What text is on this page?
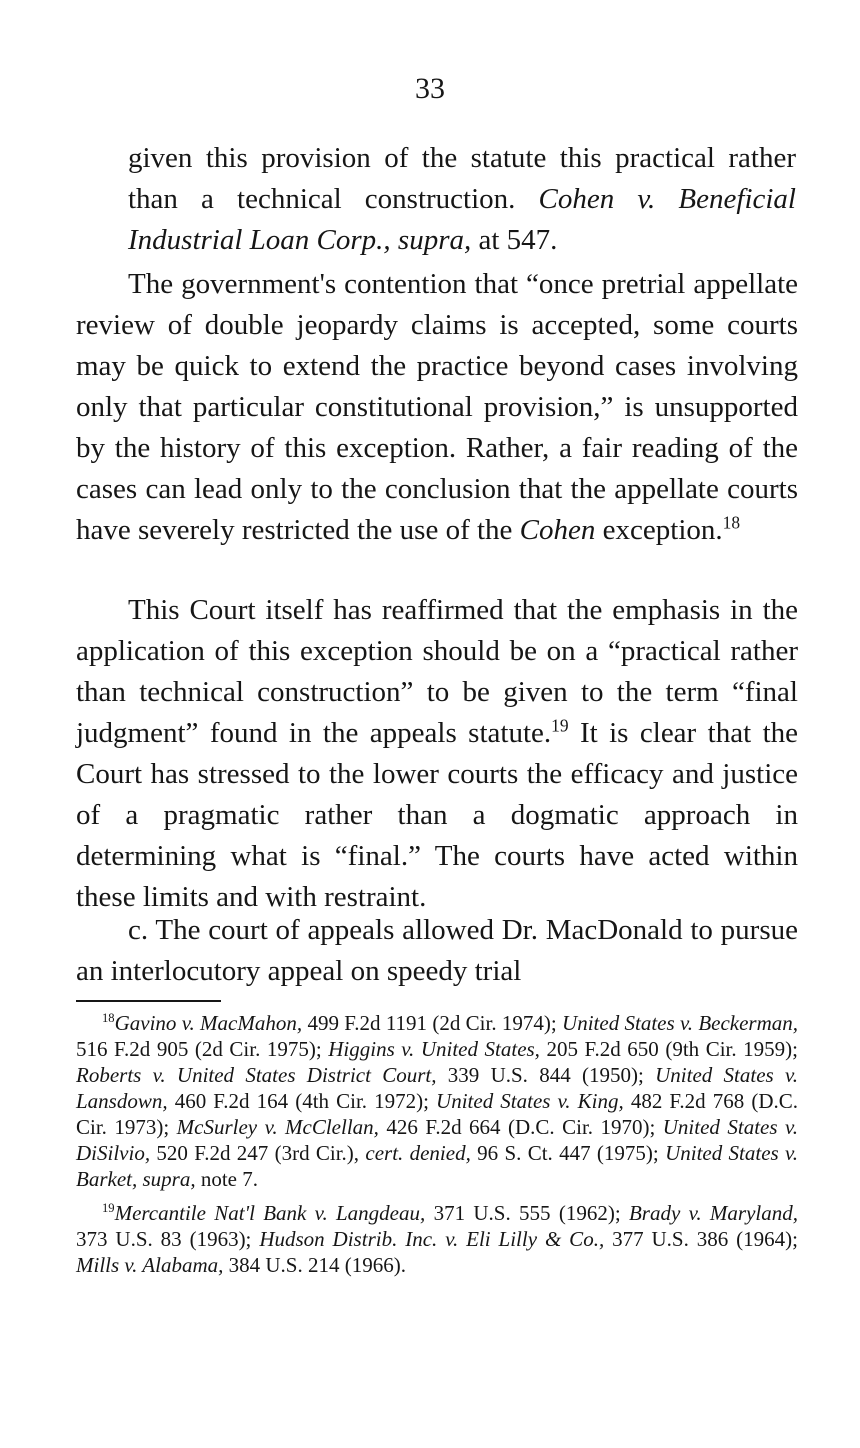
33
given this provision of the statute this practical rather than a technical construction. Cohen v. Beneficial Industrial Loan Corp., supra, at 547.
The government's contention that “once pretrial appellate review of double jeopardy claims is accepted, some courts may be quick to extend the practice beyond cases involving only that particular constitutional provision,” is unsupported by the history of this exception. Rather, a fair reading of the cases can lead only to the conclusion that the appellate courts have severely restricted the use of the Cohen exception.$^{18}$
This Court itself has reaffirmed that the emphasis in the application of this exception should be on a “practical rather than technical construction” to be given to the term “final judgment” found in the appeals statute.$^{19}$ It is clear that the Court has stressed to the lower courts the efficacy and justice of a pragmatic rather than a dogmatic approach in determining what is “final.” The courts have acted within these limits and with restraint.
c. The court of appeals allowed Dr. MacDonald to pursue an interlocutory appeal on speedy trial

$^{18}$Gavino v. MacMahon, 499 F.2d 1191 (2d Cir. 1974); United States v. Beckerman, 516 F.2d 905 (2d Cir. 1975); Higgins v. United States, 205 F.2d 650 (9th Cir. 1959); Roberts v. United States District Court, 339 U.S. 844 (1950); United States v. Lansdown, 460 F.2d 164 (4th Cir. 1972); United States v. King, 482 F.2d 768 (D.C. Cir. 1973); McSurley v. McClellan, 426 F.2d 664 (D.C. Cir. 1970); United States v. DiSilvio, 520 F.2d 247 (3rd Cir.), cert. denied, 96 S. Ct. 447 (1975); United States v. Barket, supra, note 7.

$^{19}$Mercantile Nat'l Bank v. Langdeau, 371 U.S. 555 (1962); Brady v. Maryland, 373 U.S. 83 (1963); Hudson Distrib. Inc. v. Eli Lilly & Co., 377 U.S. 386 (1964); Mills v. Alabama, 384 U.S. 214 (1966).
